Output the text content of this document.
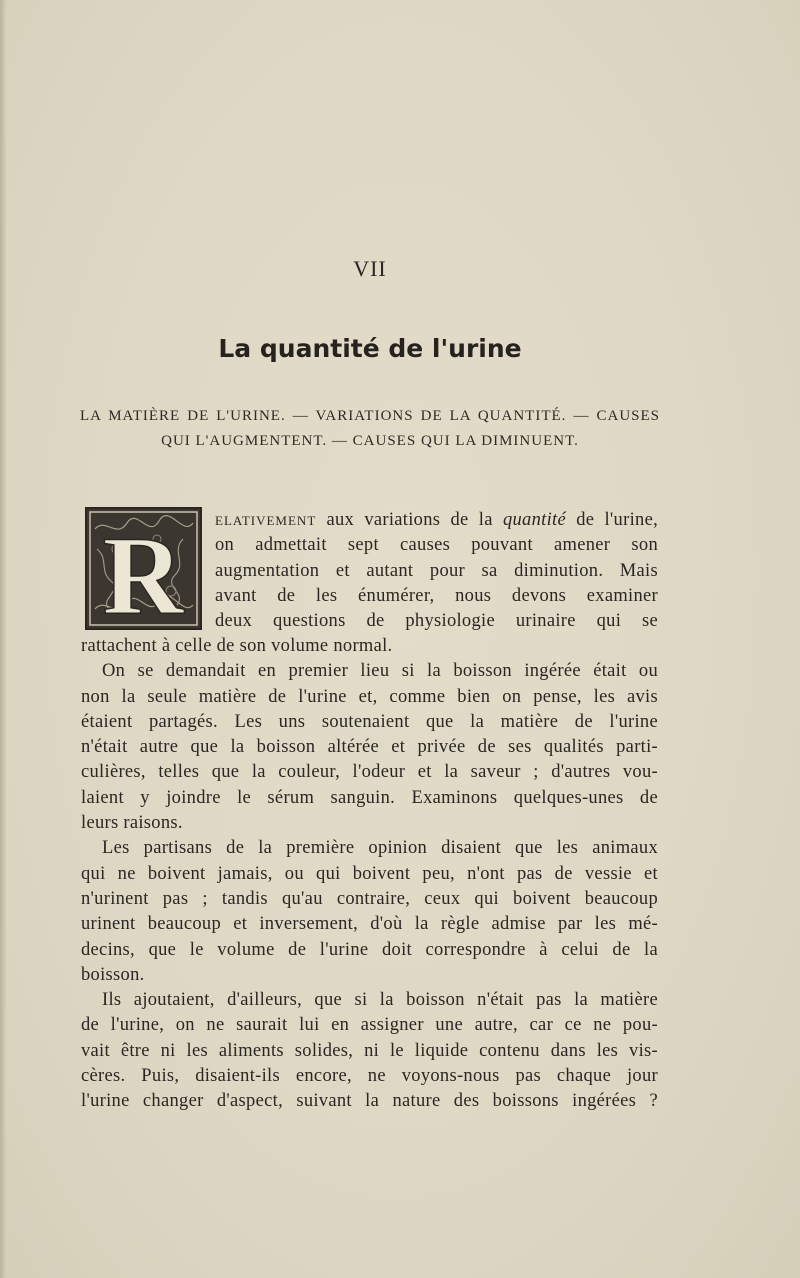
VII
La quantité de l'urine
LA MATIÈRE DE L'URINE. — VARIATIONS DE LA QUANTITÉ. — CAUSES
QUI L'AUGMENTENT. — CAUSES QUI LA DIMINUENT.
R elativement aux variations de la quantité de l'urine,
on admettait sept causes pouvant amener son
augmentation et autant pour sa diminution. Mais
avant de les énumérer, nous devons examiner
deux questions de physiologie urinaire qui se
rattachent à celle de son volume normal.
On se demandait en premier lieu si la boisson ingérée était ou
non la seule matière de l'urine et, comme bien on pense, les avis
étaient partagés. Les uns soutenaient que la matière de l'urine
n'était autre que la boisson altérée et privée de ses qualités parti-
culières, telles que la couleur, l'odeur et la saveur ; d'autres vou-
laient y joindre le sérum sanguin. Examinons quelques-unes de
leurs raisons.
Les partisans de la première opinion disaient que les animaux
qui ne boivent jamais, ou qui boivent peu, n'ont pas de vessie et
n'urinent pas ; tandis qu'au contraire, ceux qui boivent beaucoup
urinent beaucoup et inversement, d'où la règle admise par les mé-
decins, que le volume de l'urine doit correspondre à celui de la
boisson.
Ils ajoutaient, d'ailleurs, que si la boisson n'était pas la matière
de l'urine, on ne saurait lui en assigner une autre, car ce ne pou-
vait être ni les aliments solides, ni le liquide contenu dans les vis-
cères. Puis, disaient-ils encore, ne voyons-nous pas chaque jour
l'urine changer d'aspect, suivant la nature des boissons ingérées ?
